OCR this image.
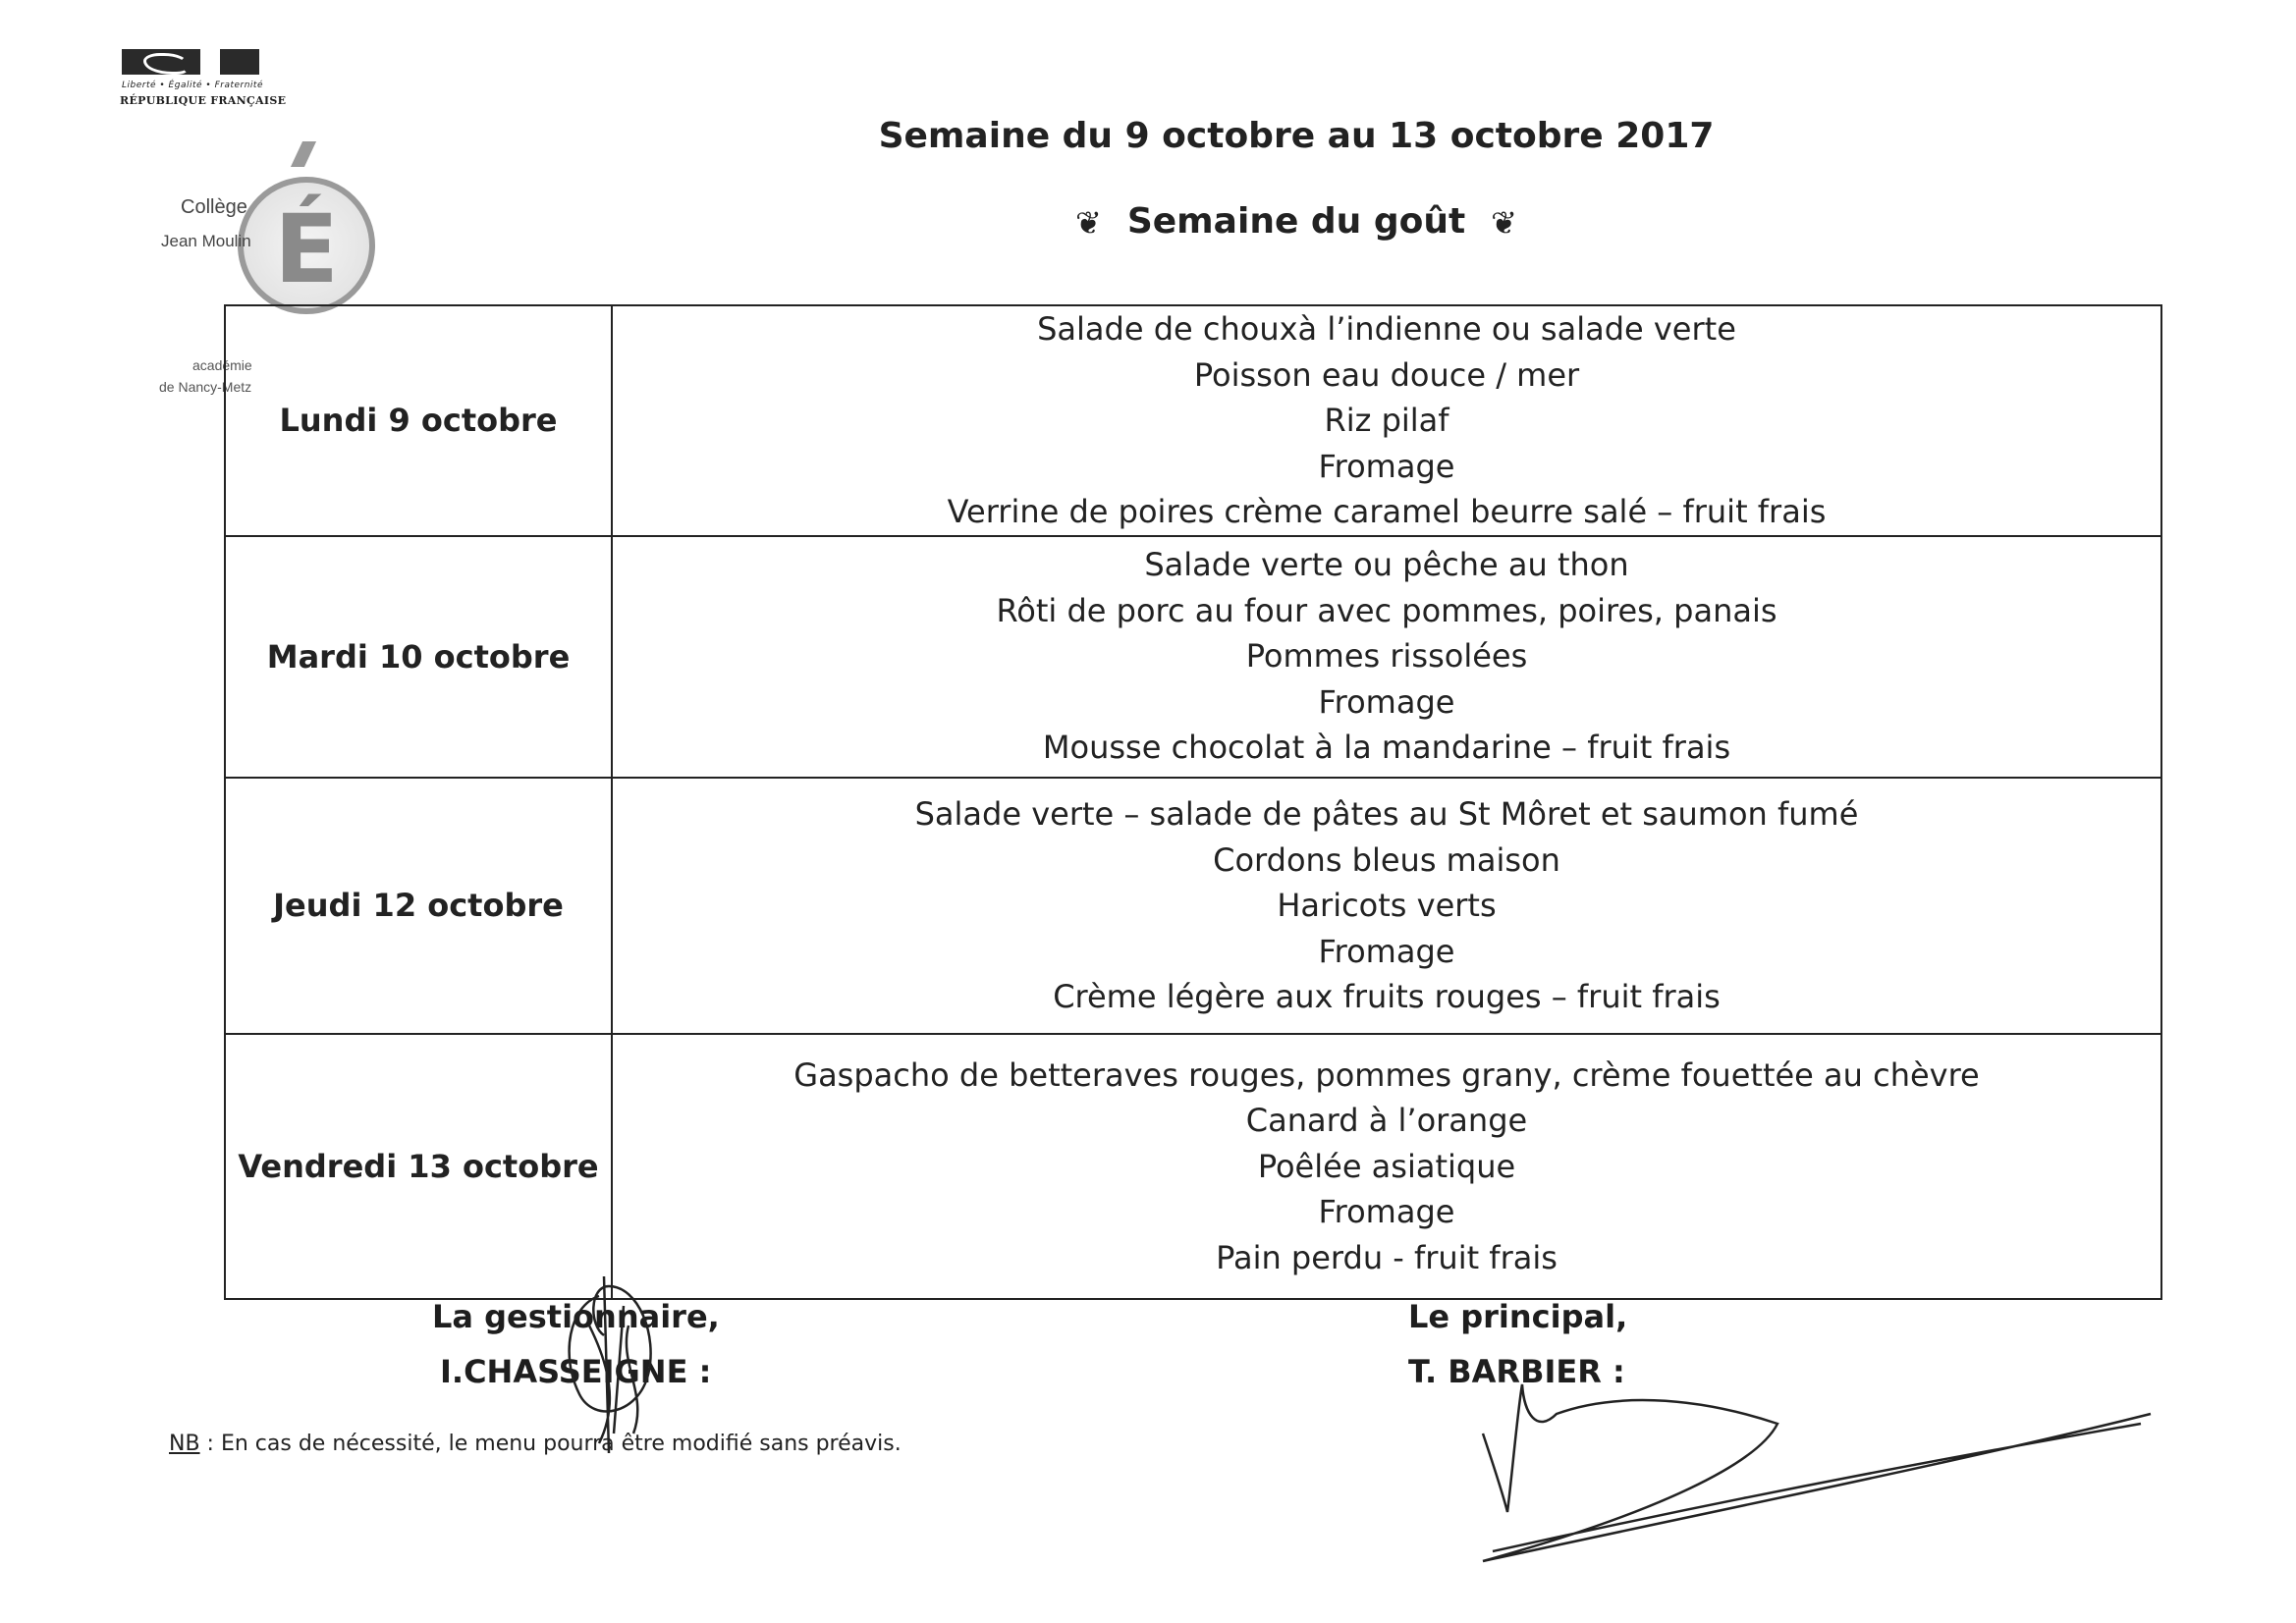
Liberté • Égalité • Fraternité
RÉPUBLIQUE FRANÇAISE
É
Collège
Jean Moulin
académie
de Nancy-Metz
Semaine du 9 octobre au 13 octobre 2017
❦ Semaine du goût ❦
Lundi 9 octobre	Salade de chouxà l’indienne ou salade verte
Poisson eau douce / mer
Riz pilaf
Fromage
Verrine de poires crème caramel beurre salé – fruit frais

Mardi 10 octobre	Salade verte ou pêche au thon
Rôti de porc au four avec pommes, poires, panais
Pommes rissolées
Fromage
Mousse chocolat à la mandarine – fruit frais

Jeudi 12 octobre	Salade verte – salade de pâtes au St Môret et saumon fumé
Cordons bleus maison
Haricots verts
Fromage
Crème légère aux fruits rouges – fruit frais

Vendredi 13 octobre	Gaspacho de betteraves rouges, pommes grany, crème fouettée au chèvre
Canard à l’orange
Poêlée asiatique
Fromage
Pain perdu - fruit frais
La gestionnaire,
I.CHASSEIGNE :
Le principal,
T. BARBIER :
NB : En cas de nécessité, le menu pourra être modifié sans préavis.
